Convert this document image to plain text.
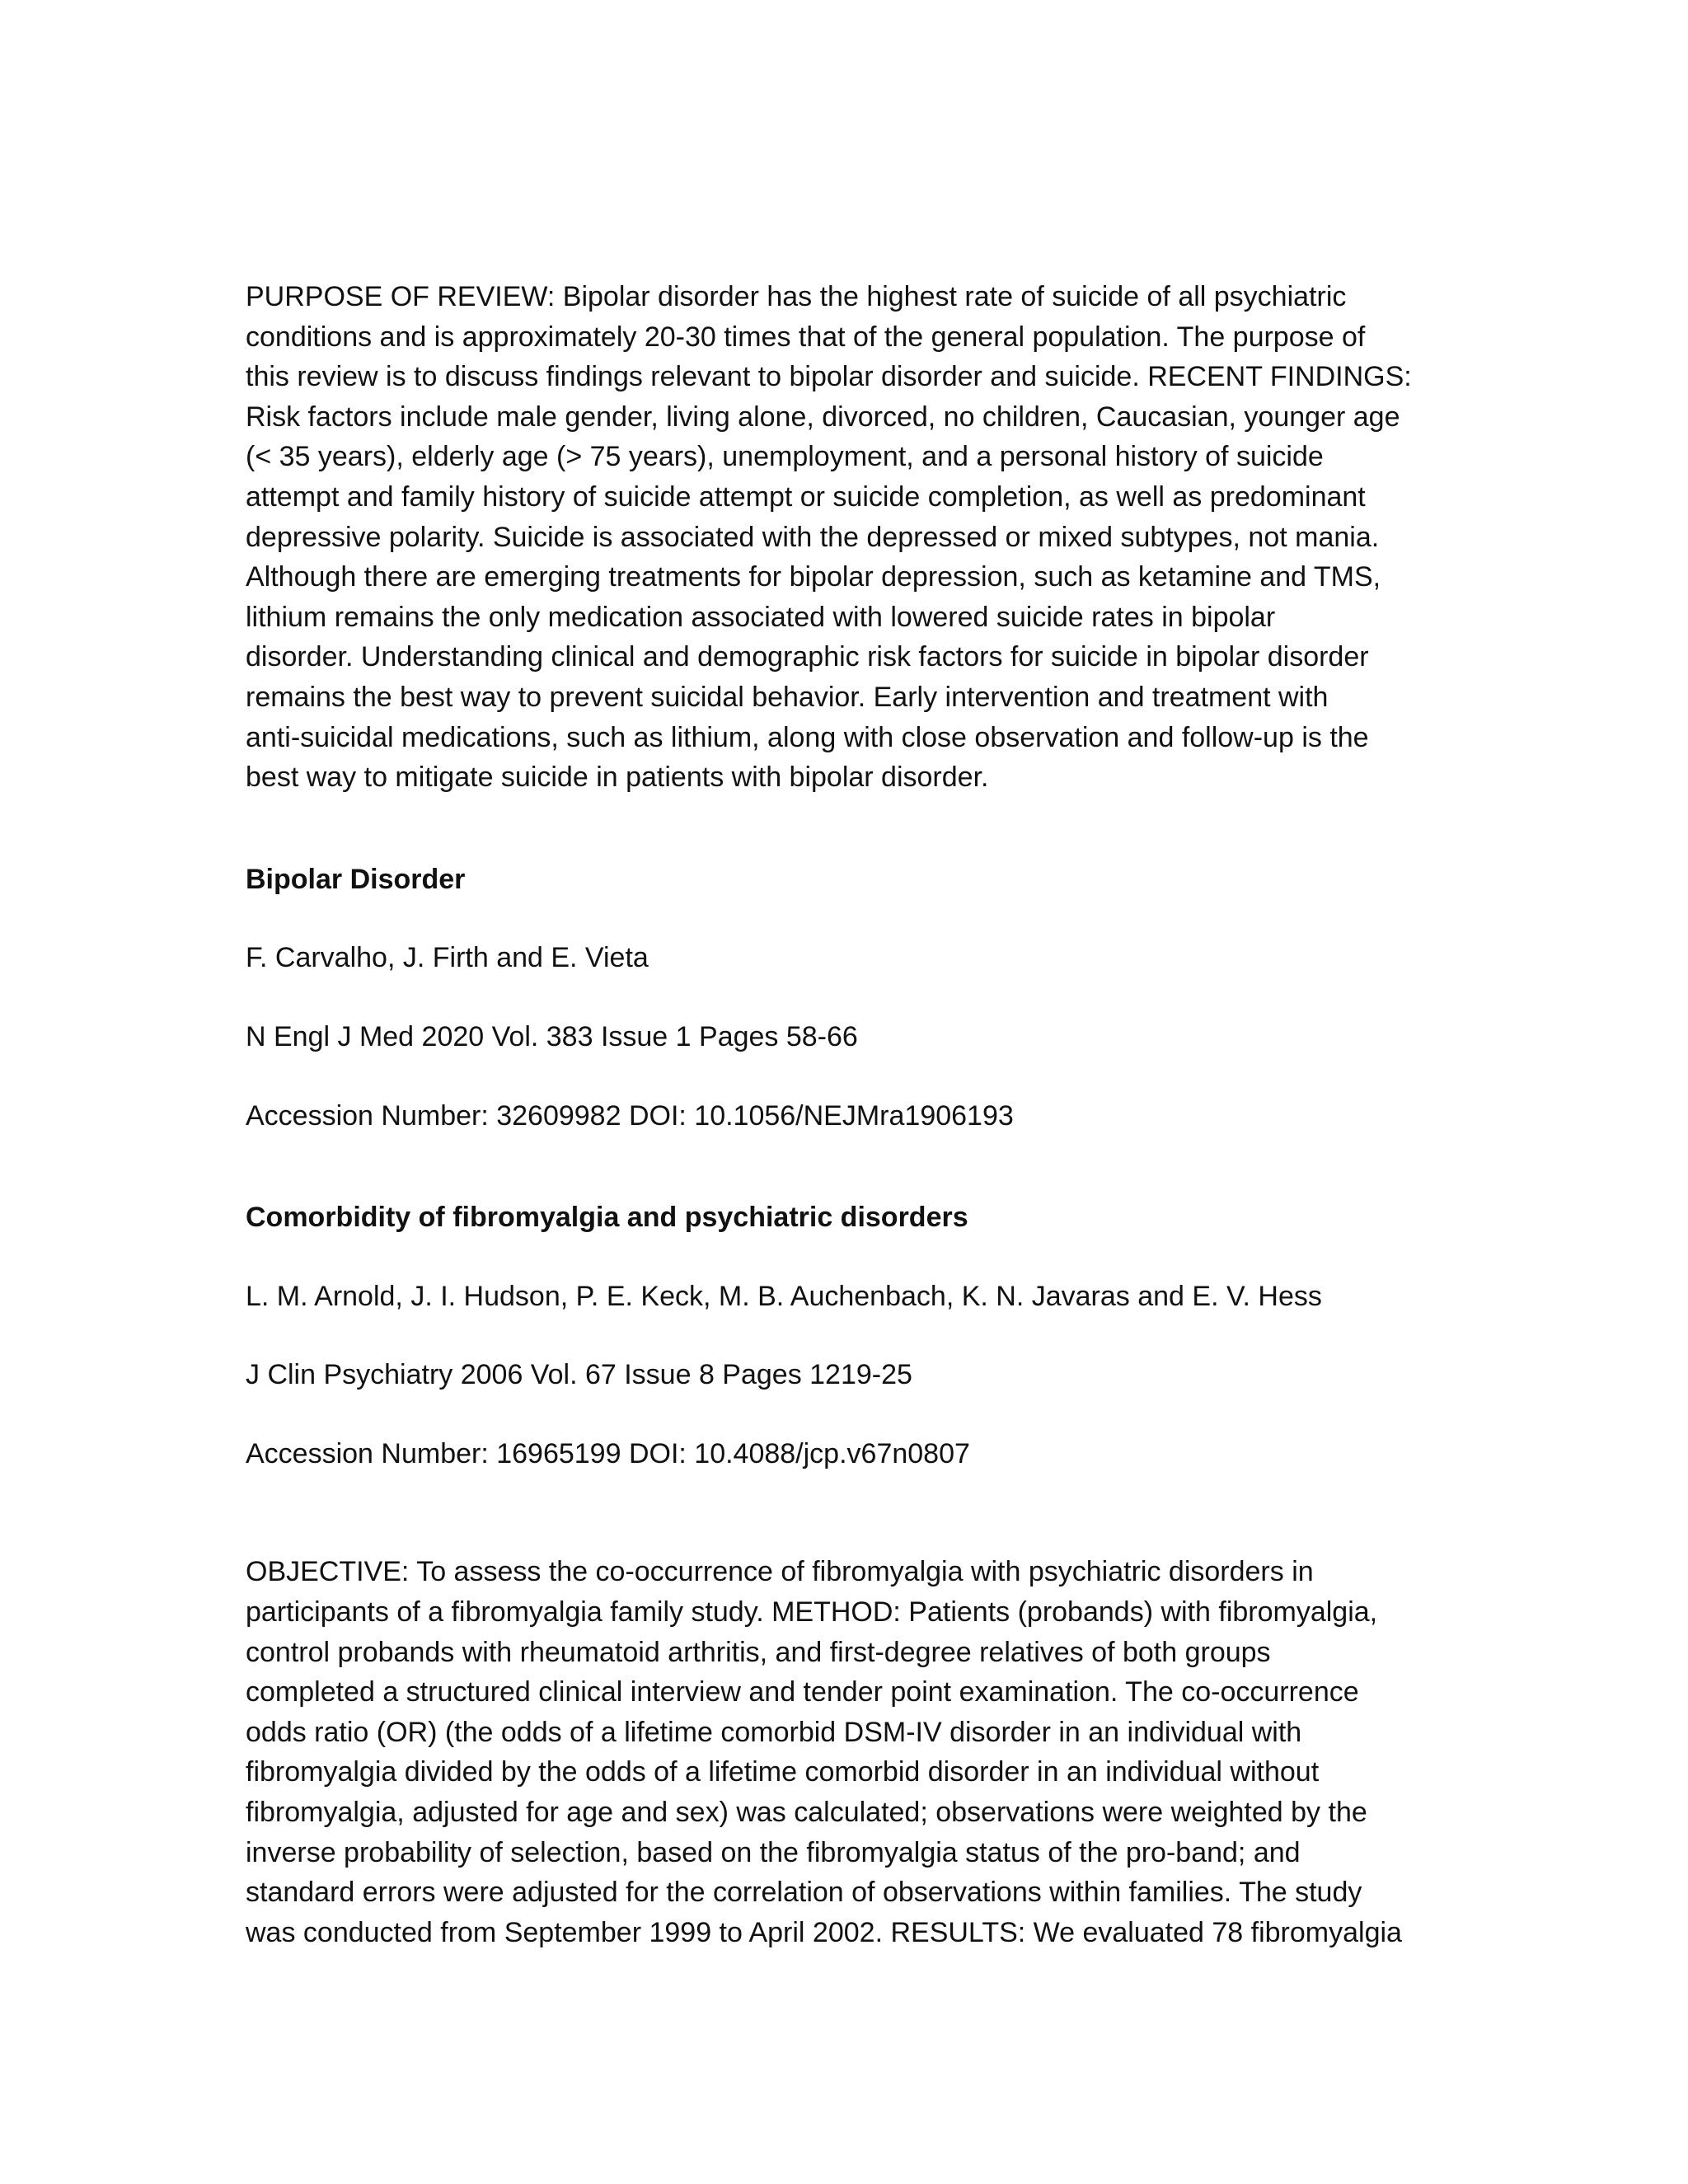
PURPOSE OF REVIEW: Bipolar disorder has the highest rate of suicide of all psychiatric
conditions and is approximately 20-30 times that of the general population. The purpose of
this review is to discuss findings relevant to bipolar disorder and suicide. RECENT FINDINGS:
Risk factors include male gender, living alone, divorced, no children, Caucasian, younger age
(< 35 years), elderly age (> 75 years), unemployment, and a personal history of suicide
attempt and family history of suicide attempt or suicide completion, as well as predominant
depressive polarity. Suicide is associated with the depressed or mixed subtypes, not mania.
Although there are emerging treatments for bipolar depression, such as ketamine and TMS,
lithium remains the only medication associated with lowered suicide rates in bipolar
disorder. Understanding clinical and demographic risk factors for suicide in bipolar disorder
remains the best way to prevent suicidal behavior. Early intervention and treatment with
anti-suicidal medications, such as lithium, along with close observation and follow-up is the
best way to mitigate suicide in patients with bipolar disorder.

Bipolar Disorder

F. Carvalho, J. Firth and E. Vieta

N Engl J Med 2020 Vol. 383 Issue 1 Pages 58-66

Accession Number: 32609982 DOI: 10.1056/NEJMra1906193

Comorbidity of fibromyalgia and psychiatric disorders

L. M. Arnold, J. I. Hudson, P. E. Keck, M. B. Auchenbach, K. N. Javaras and E. V. Hess

J Clin Psychiatry 2006 Vol. 67 Issue 8 Pages 1219-25

Accession Number: 16965199 DOI: 10.4088/jcp.v67n0807

OBJECTIVE: To assess the co-occurrence of fibromyalgia with psychiatric disorders in
participants of a fibromyalgia family study. METHOD: Patients (probands) with fibromyalgia,
control probands with rheumatoid arthritis, and first-degree relatives of both groups
completed a structured clinical interview and tender point examination. The co-occurrence
odds ratio (OR) (the odds of a lifetime comorbid DSM-IV disorder in an individual with
fibromyalgia divided by the odds of a lifetime comorbid disorder in an individual without
fibromyalgia, adjusted for age and sex) was calculated; observations were weighted by the
inverse probability of selection, based on the fibromyalgia status of the pro-band; and
standard errors were adjusted for the correlation of observations within families. The study
was conducted from September 1999 to April 2002. RESULTS: We evaluated 78 fibromyalgia
